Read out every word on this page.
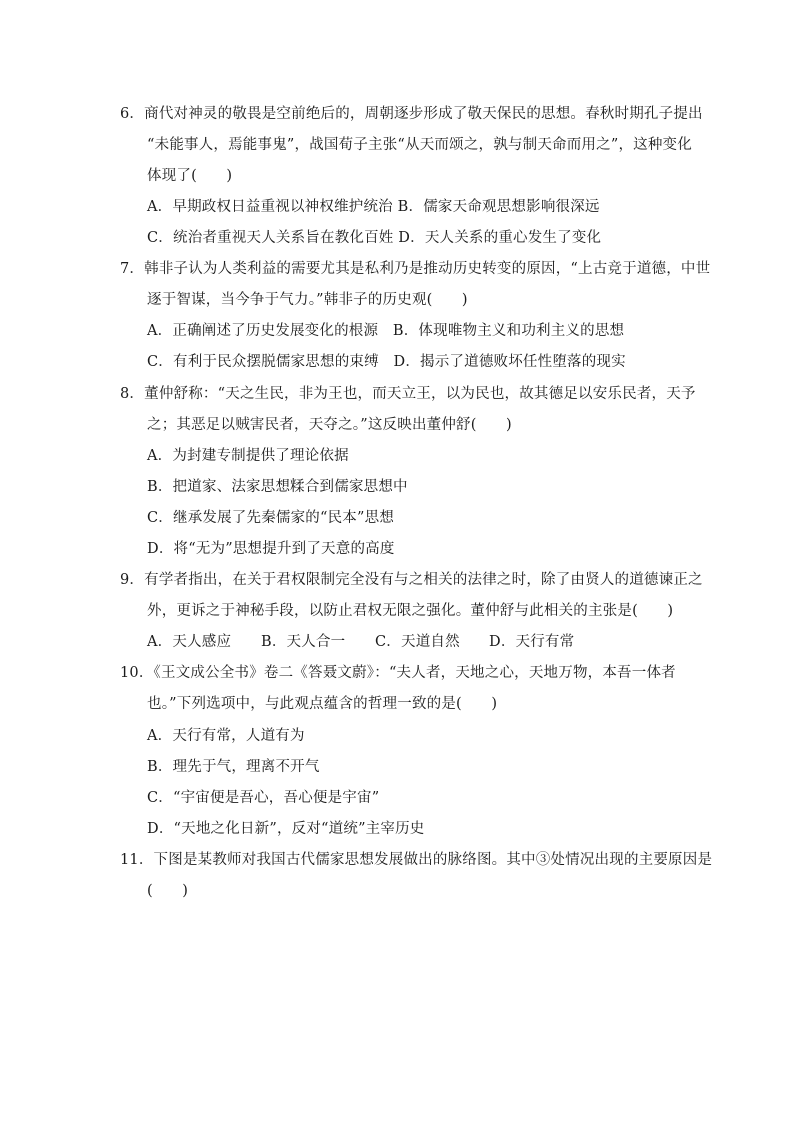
6．商代对神灵的敬畏是空前绝后的，周朝逐步形成了敬天保民的思想。春秋时期孔子提出
“未能事人，焉能事鬼”，战国荀子主张“从天而颂之，孰与制天命而用之”，这种变化
体现了(　　)
A．早期政权日益重视以神权维护统治 B．儒家天命观思想影响很深远
C．统治者重视天人关系旨在教化百姓 D．天人关系的重心发生了变化
7．韩非子认为人类利益的需要尤其是私利乃是推动历史转变的原因，“上古竞于道德，中世
逐于智谋，当今争于气力。”韩非子的历史观(　　)
A．正确阐述了历史发展变化的根源　B．体现唯物主义和功利主义的思想
C．有利于民众摆脱儒家思想的束缚　D．揭示了道德败坏任性堕落的现实
8．董仲舒称：“天之生民，非为王也，而天立王，以为民也，故其德足以安乐民者，天予
之；其恶足以贼害民者，天夺之。”这反映出董仲舒(　　)
A．为封建专制提供了理论依据
B．把道家、法家思想糅合到儒家思想中
C．继承发展了先秦儒家的“民本”思想
D．将“无为”思想提升到了天意的高度
9．有学者指出，在关于君权限制完全没有与之相关的法律之时，除了由贤人的道德谏正之
外，更诉之于神秘手段，以防止君权无限之强化。董仲舒与此相关的主张是(　　)
A．天人感应 B．天人合一 C．天道自然 D．天行有常
10．《王文成公全书》卷二《答聂文蔚》：“夫人者，天地之心，天地万物，本吾一体者
也。”下列选项中，与此观点蕴含的哲理一致的是(　　)
A．天行有常，人道有为
B．理先于气，理离不开气
C．“宇宙便是吾心，吾心便是宇宙”
D．“天地之化日新”，反对“道统”主宰历史
11．下图是某教师对我国古代儒家思想发展做出的脉络图。其中③处情况出现的主要原因是
(　　)
